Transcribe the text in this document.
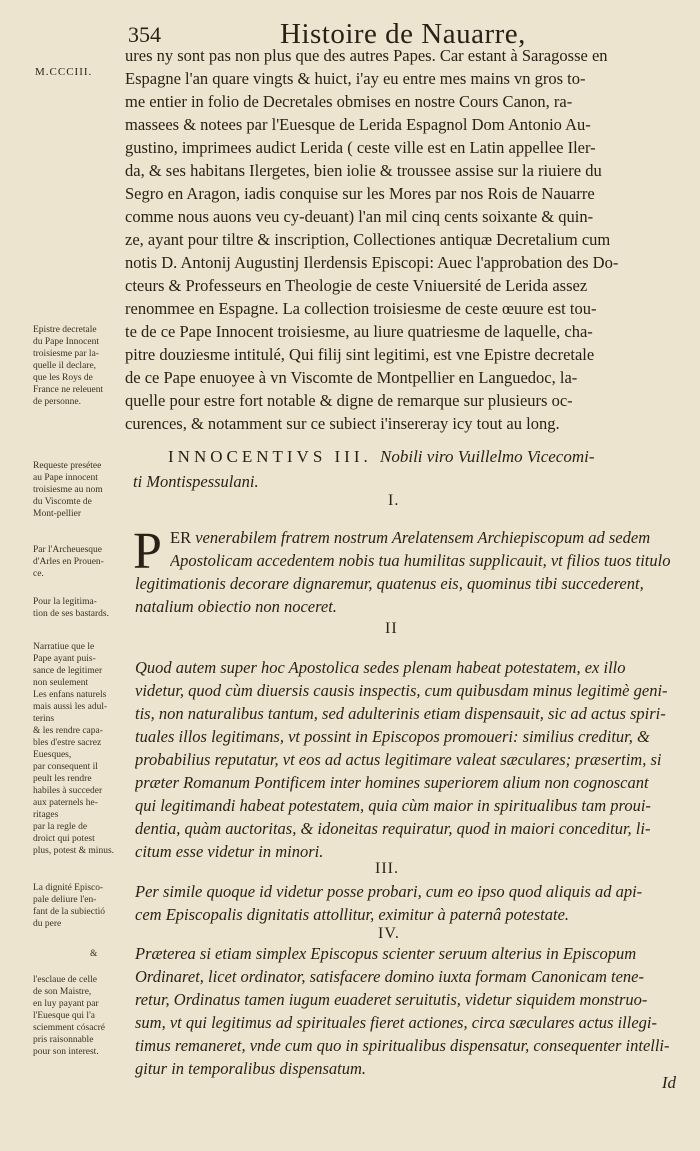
354	Histoire de Nauarre,
M.CCCIII.
ures ny sont pas non plus que des autres Papes. Car estant à Saragosse en
Espagne l'an quare vingts & huict, i'ay eu entre mes mains vn gros to-
me entier in folio de Decretales obmises en nostre Cours Canon, ra-
massees & notees par l'Euesque de Lerida Espagnol Dom Antonio Au-
gustino, imprimees audict Lerida ( ceste ville est en Latin appellee Iler-
da, & ses habitans Ilergetes, bien iolie & troussee assise sur la riuiere du
Segro en Aragon, iadis conquise sur les Mores par nos Rois de Nauarre
comme nous auons veu cy-deuant) l'an mil cinq cents soixante & quin-
ze, ayant pour tiltre & inscription, Collectiones antiquæ Decretalium cum
notis D. Antonij Augustinj Ilerdensis Episcopi: Auec l'approbation des Do-
cteurs & Professeurs en Theologie de ceste Vniuersité de Lerida assez
renommee en Espagne. La collection troisiesme de ceste œuure est tou-
te de ce Pape Innocent troisiesme, au liure quatriesme de laquelle, cha-
pitre douziesme intitulé, Qui filij sint legitimi, est vne Epistre decretale
de ce Pape enuoyee à vn Viscomte de Montpellier en Languedoc, la-
quelle pour estre fort notable & digne de remarque sur plusieurs oc-
curences, & notamment sur ce subiect i'insereray icy tout au long.
Epistre decretale
du Pape Innocent
troisiesme par la-
quelle il declare,
que les Roys de
France ne releuent
de personne.
Requeste presétee
au Pape innocent
troisiesme au nom
du Viscomte de
Mont-pellier
Par l'Archeuesque
d'Arles en Prouen-
ce.
Pour la legitima-
tion de ses bastards.
Narratiue que le
Pape ayant puis-
sance de legitimer
non seulement
Les enfans naturels
mais aussi les adul-
terins
& les rendre capa-
bles d'estre sacrez
Euesques,
par consequent il
peult les rendre
habiles à succeder
aux paternels he-
ritages
par la regle de
droict qui potest
plus, potest & minus.
La dignité Episco-
pale deliure l'en-
fant de la subiectió
du pere
&
l'esclaue de celle
de son Maistre,
en luy payant par
l'Euesque qui l'a
sciemment cósacré
pris raisonnable
pour son interest.
INNOCENTIVS III. Nobili viro Vuillelmo Vicecomi-
ti Montispessulani.
I.
P ER venerabilem fratrem nostrum Arelatensem Archiepiscopum ad sedem
Apostolicam accedentem nobis tua humilitas supplicauit, vt filios tuos titulo
legitimationis decorare dignaremur, quatenus eis, quominus tibi succederent,
natalium obiectio non noceret.
II
Quod autem super hoc Apostolica sedes plenam habeat potestatem, ex illo
videtur, quod cùm diuersis causis inspectis, cum quibusdam minus legitimè geni-
tis, non naturalibus tantum, sed adulterinis etiam dispensauit, sic ad actus spiri-
tuales illos legitimans, vt possint in Episcopos promoueri: similius creditur, &
probabilius reputatur, vt eos ad actus legitimare valeat sæculares; præsertim, si
præter Romanum Pontificem inter homines superiorem alium non cognoscant
qui legitimandi habeat potestatem, quia cùm maior in spiritualibus tam proui-
dentia, quàm auctoritas, & idoneitas requiratur, quod in maiori conceditur, li-
citum esse videtur in minori.
III.
Per simile quoque id videtur posse probari, cum eo ipso quod aliquis ad api-
cem Episcopalis dignitatis attollitur, eximitur à paternâ potestate.
IV.
Præterea si etiam simplex Episcopus scienter seruum alterius in Episcopum
Ordinaret, licet ordinator, satisfacere domino iuxta formam Canonicam tene-
retur, Ordinatus tamen iugum euaderet seruitutis, videtur siquidem monstruo-
sum, vt qui legitimus ad spirituales fieret actiones, circa sæculares actus illegi-
timus remaneret, vnde cum quo in spiritualibus dispensatur, consequenter intelli-
gitur in temporalibus dispensatum.
Id
